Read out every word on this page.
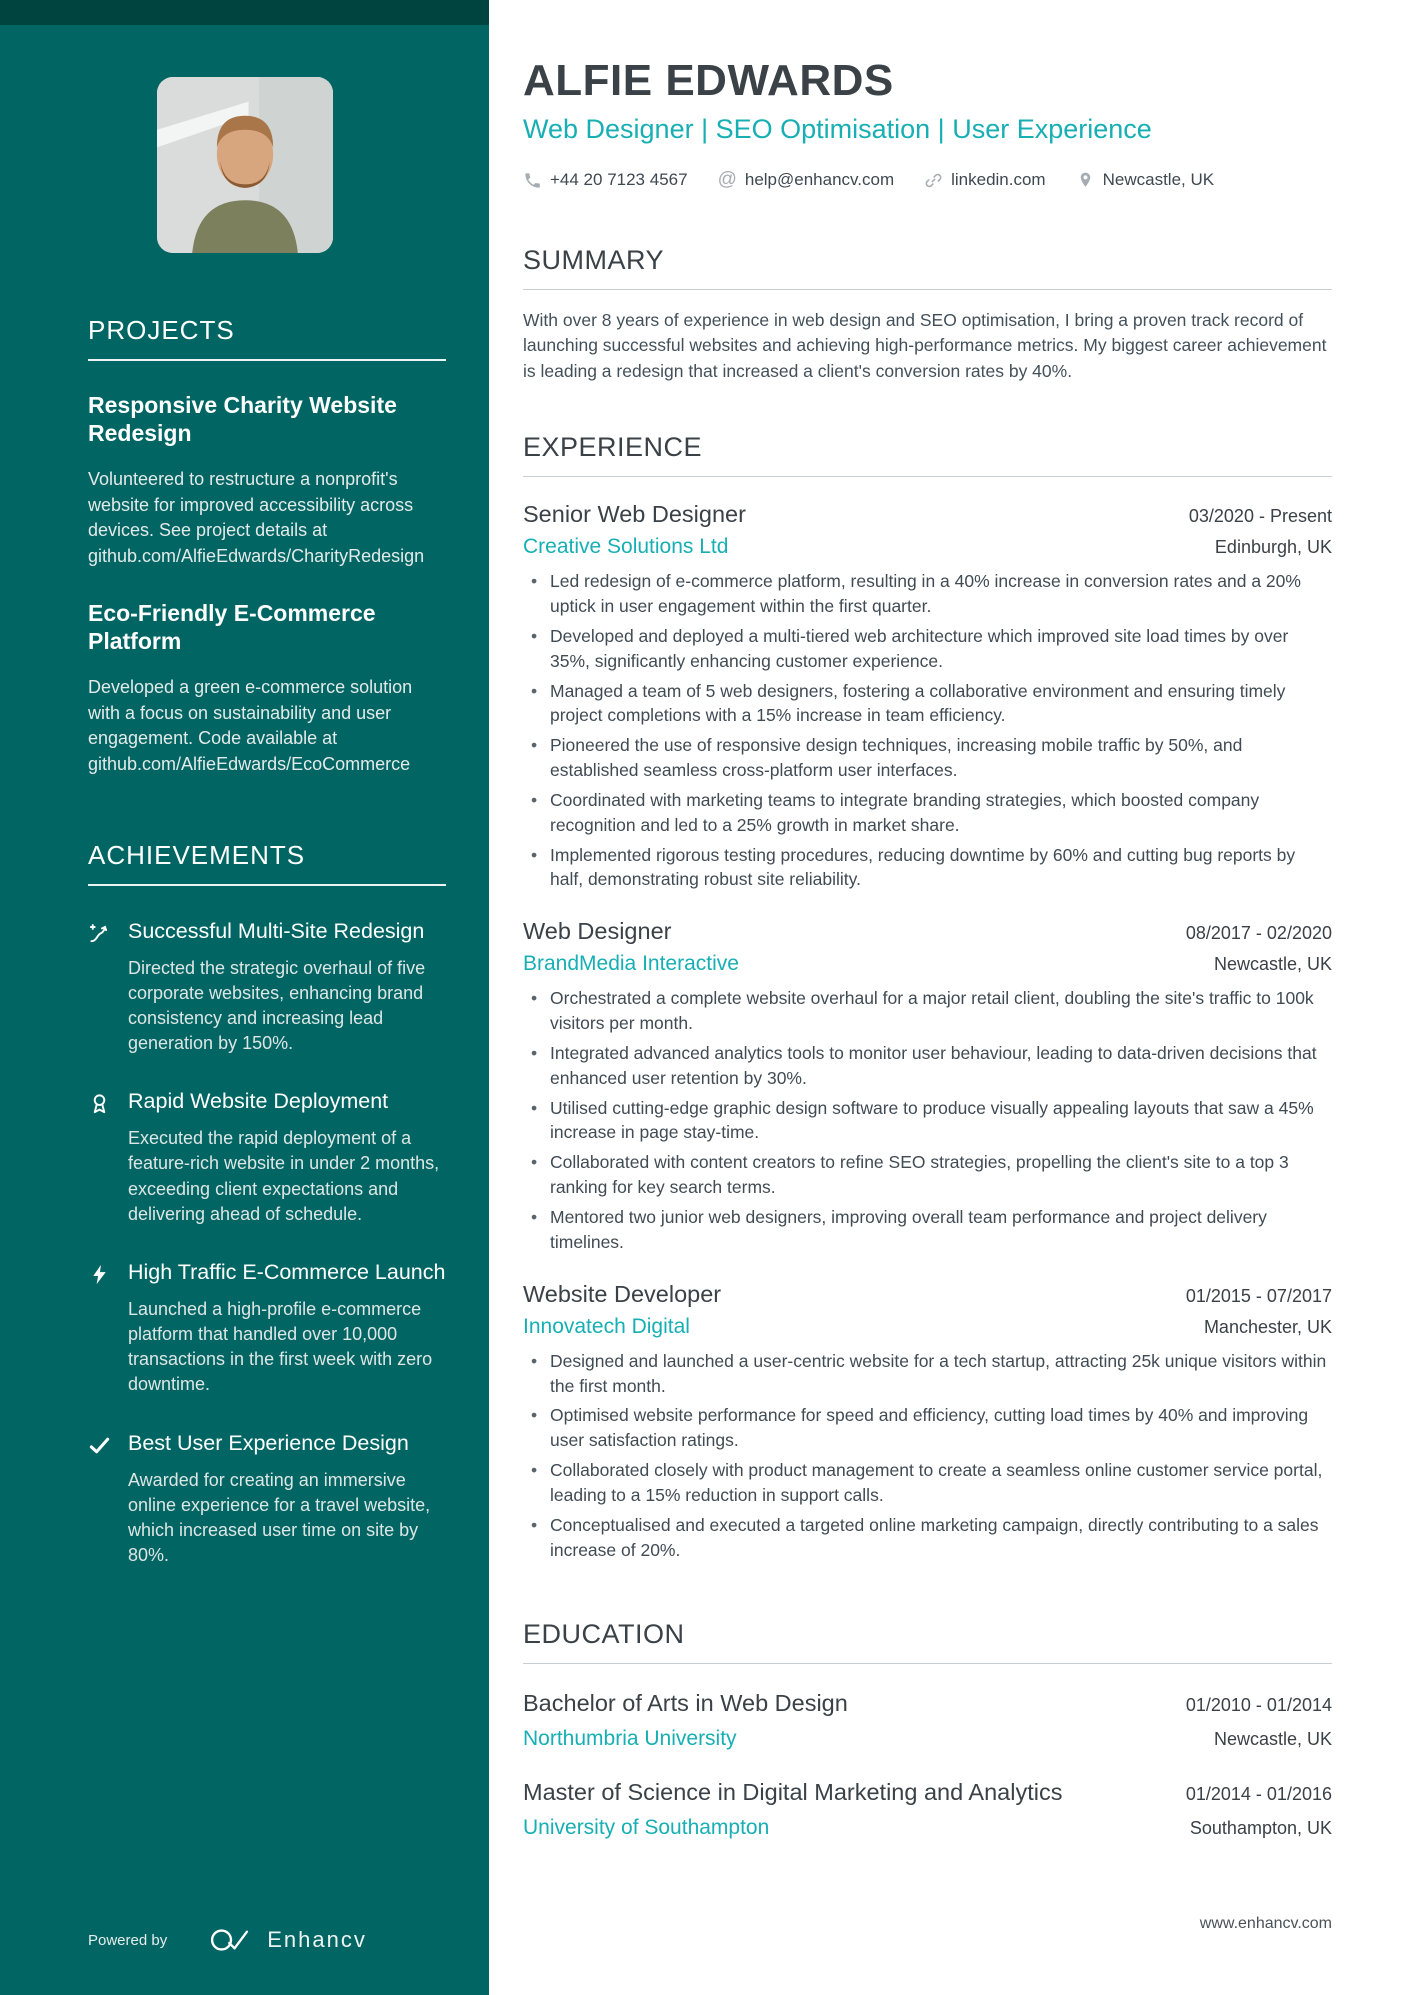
PROJECTS
Responsive Charity Website Redesign
Volunteered to restructure a nonprofit's website for improved accessibility across devices. See project details at github.com/AlfieEdwards/CharityRedesign
Eco-Friendly E-Commerce Platform
Developed a green e-commerce solution with a focus on sustainability and user engagement. Code available at github.com/AlfieEdwards/EcoCommerce
ACHIEVEMENTS
Successful Multi-Site Redesign
Directed the strategic overhaul of five corporate websites, enhancing brand consistency and increasing lead generation by 150%.
Rapid Website Deployment
Executed the rapid deployment of a feature-rich website in under 2 months, exceeding client expectations and delivering ahead of schedule.
High Traffic E-Commerce Launch
Launched a high-profile e-commerce platform that handled over 10,000 transactions in the first week with zero downtime.
Best User Experience Design
Awarded for creating an immersive online experience for a travel website, which increased user time on site by 80%.
Powered by	Enhancv
ALFIE EDWARDS
Web Designer | SEO Optimisation | User Experience
+44 20 7123 4567 @ help@enhancv.com	linkedin.com	Newcastle, UK
SUMMARY

With over 8 years of experience in web design and SEO optimisation, I bring a proven track record of launching successful websites and achieving high-performance metrics. My biggest career achievement is leading a redesign that increased a client's conversion rates by 40%.

EXPERIENCE
Senior Web Designer	03/2020 - Present
Creative Solutions Ltd	Edinburgh, UK
• Led redesign of e-commerce platform, resulting in a 40% increase in conversion rates and a 20% uptick in user engagement within the first quarter.
• Developed and deployed a multi-tiered web architecture which improved site load times by over 35%, significantly enhancing customer experience.
• Managed a team of 5 web designers, fostering a collaborative environment and ensuring timely project completions with a 15% increase in team efficiency.
• Pioneered the use of responsive design techniques, increasing mobile traffic by 50%, and established seamless cross-platform user interfaces.
• Coordinated with marketing teams to integrate branding strategies, which boosted company recognition and led to a 25% growth in market share.
• Implemented rigorous testing procedures, reducing downtime by 60% and cutting bug reports by half, demonstrating robust site reliability.
Web Designer	08/2017 - 02/2020
BrandMedia Interactive	Newcastle, UK
• Orchestrated a complete website overhaul for a major retail client, doubling the site's traffic to 100k visitors per month.
• Integrated advanced analytics tools to monitor user behaviour, leading to data-driven decisions that enhanced user retention by 30%.
• Utilised cutting-edge graphic design software to produce visually appealing layouts that saw a 45% increase in page stay-time.
• Collaborated with content creators to refine SEO strategies, propelling the client's site to a top 3 ranking for key search terms.
• Mentored two junior web designers, improving overall team performance and project delivery timelines.
Website Developer	01/2015 - 07/2017
Innovatech Digital	Manchester, UK
• Designed and launched a user-centric website for a tech startup, attracting 25k unique visitors within the first month.
• Optimised website performance for speed and efficiency, cutting load times by 40% and improving user satisfaction ratings.
• Collaborated closely with product management to create a seamless online customer service portal, leading to a 15% reduction in support calls.
• Conceptualised and executed a targeted online marketing campaign, directly contributing to a sales increase of 20%.
EDUCATION
Bachelor of Arts in Web Design	01/2010 - 01/2014
Northumbria University	Newcastle, UK
Master of Science in Digital Marketing and Analytics	01/2014 - 01/2016
University of Southampton	Southampton, UK
www.enhancv.com
